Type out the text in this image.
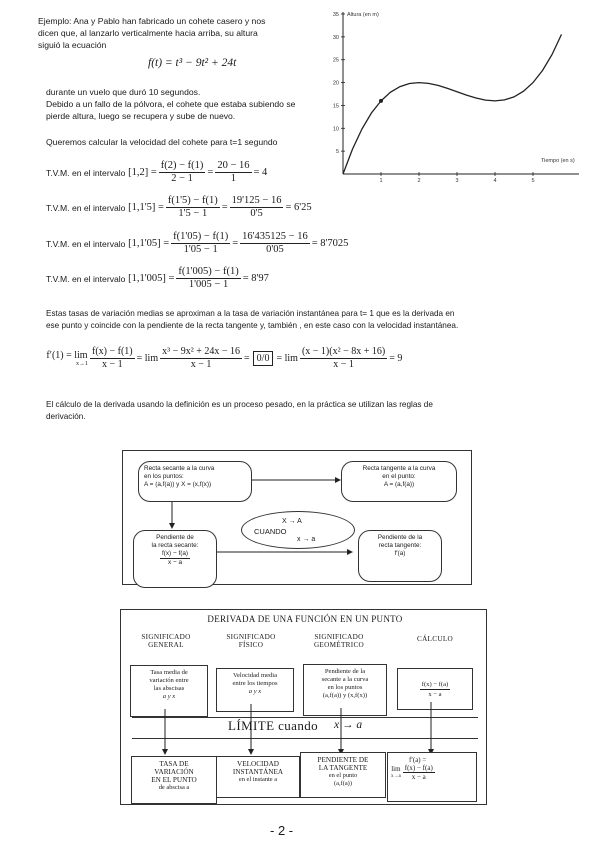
Ejemplo: Ana y Pablo han fabricado un cohete casero y nos
dicen que, al lanzarlo verticalmente hacia arriba, su altura
siguió la ecuación
f(t) = t³ − 9t² + 24t
durante un vuelo que duró 10 segundos.
Debido a un fallo de la pólvora, el cohete que estaba subiendo se
pierde altura, luego se recupera y sube de nuevo.
Queremos calcular la velocidad del cohete para t=1 segundo
5
10
15
20
25
30
35
1	2	3	4	5
Altura (en m)
Tiempo (en s)
T.V.M. en el intervalo
$[1,2] = \frac{f(2) - f(1)}{2 - 1} = \frac{20 - 16}{1} = 4$
T.V.M. en el intervalo
$[1,1'5] = \frac{f(1'5) - f(1)}{1'5 - 1} = \frac{19'125 - 16}{0'5} = 6'25$
T.V.M. en el intervalo
$[1,1'05] = \frac{f(1'05) - f(1)}{1'05 - 1} = \frac{16'435125 - 16}{0'05} = 8'7025$
T.V.M. en el intervalo
$[1,1'005] = \frac{f(1'005) - f(1)}{1'005 - 1} = 8'97$
Estas tasas de variación medias se aproximan a la tasa de variación instantánea para t= 1 que es la derivada en
ese punto y coincide con la pendiente de la recta tangente y, también , en este caso con la velocidad instantánea.
f′(1) = lim
$x\to 1 \frac{f(x) - f(1)}{x - 1} = \lim \frac{\text{x³ − 9x² + 24x − 16}}{x - 1} = 0/0 = \lim \frac{\text{(x − 1)(x² − 8x + 16)}}{x - 1} = 9$
El cálculo de la derivada usando la definición es un proceso pesado, en la práctica se utilizan las reglas de
derivación.
Recta secante a la curva
en los puntos:
A = (a,f(a)) y X = (x,f(x))
Recta tangente a la curva
en el punto:
A = (a,f(a))
X → A
CUANDO
x → a
Pendiente de
la recta secante:
$\frac{f(x) - f(a)}{x - a}$
Pendiente de la
recta tangente:
f′(a)
DERIVADA DE UNA FUNCIÓN EN UN PUNTO
SIGNIFICADO
GENERAL
SIGNIFICADO
FÍSICO
SIGNIFICADO
GEOMÉTRICO
CÁLCULO
Tasa media de
variación entre
las abscisas
a y x
Velocidad media
entre los tiempos
a y x
Pendiente de la
secante a la curva
en los puntos
(a,f(a)) y (x,f(x))	$\frac{f(x) - f(a)}{x - a}$
LÍMITE cuando x → a
TASA DE
VARIACIÓN
EN EL PUNTO
de abscisa a
VELOCIDAD
INSTANTÁNEA
en el instante a
PENDIENTE DE
LA TANGENTE
en el punto
(a,f(a))
f′(a) =
lim
$x\to a \frac{f(x) - f(a)}{x - a}$
- 2 -
